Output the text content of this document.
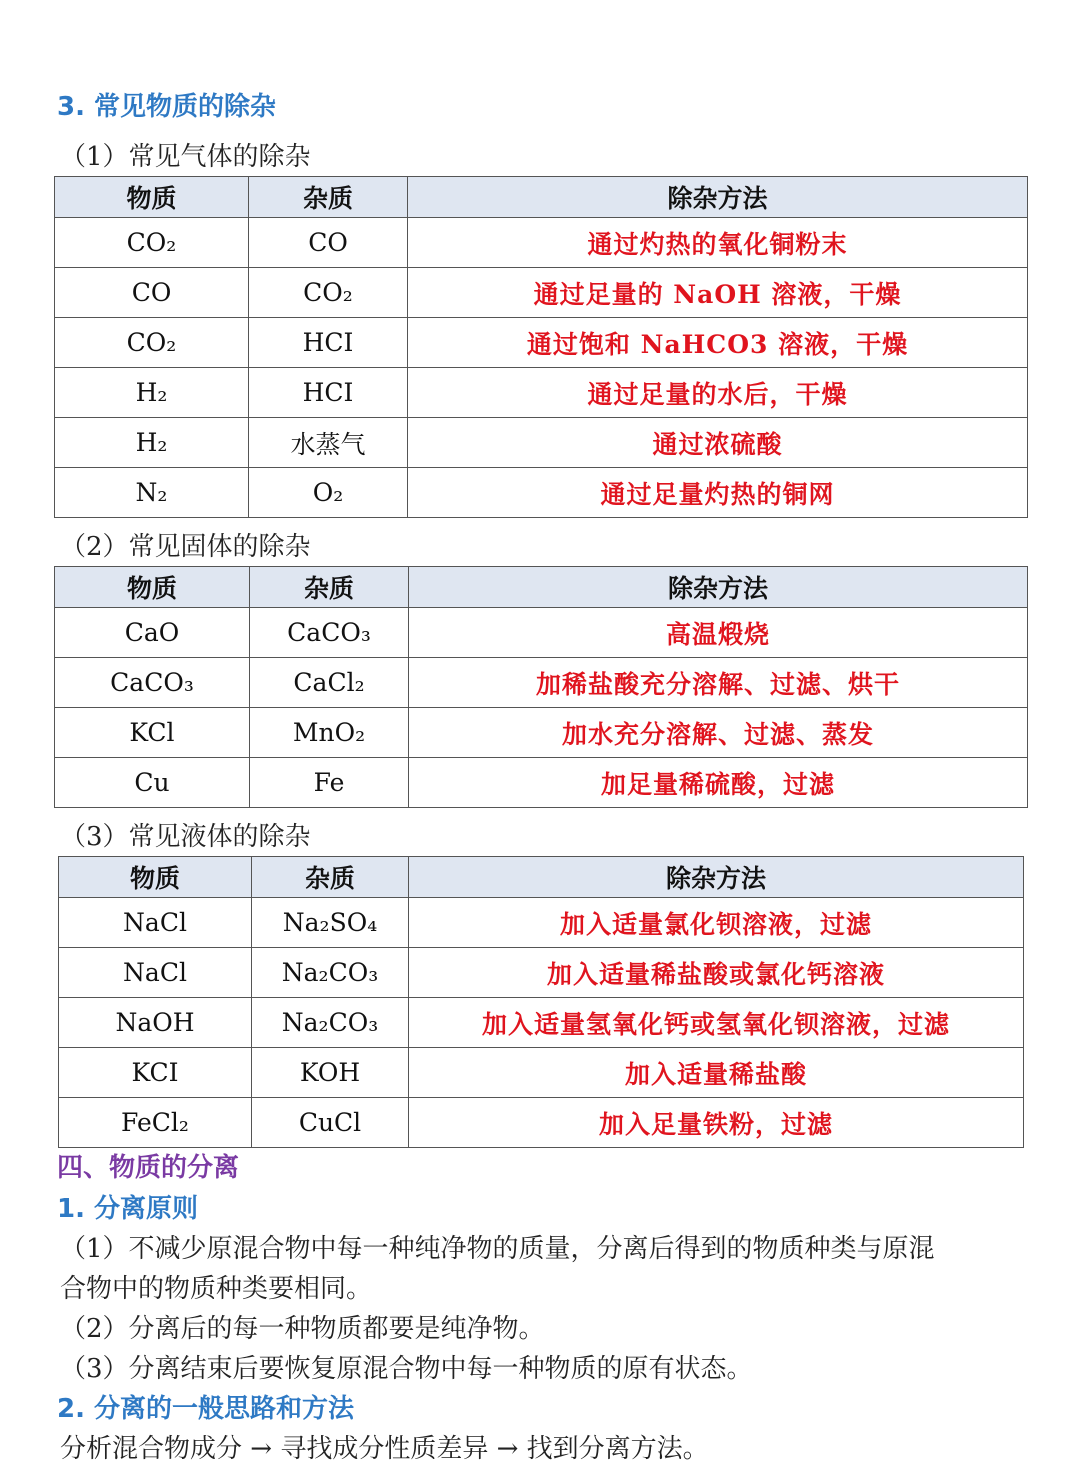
3. 常见物质的除杂
（1）常见气体的除杂
物质	杂质	除杂方法
CO₂	CO	通过灼热的氧化铜粉末
CO	CO₂	通过足量的 NaOH 溶液，干燥
CO₂	HCI	通过饱和 NaHCO3 溶液，干燥
H₂	HCI	通过足量的水后，干燥
H₂	水蒸气	通过浓硫酸
N₂	O₂	通过足量灼热的铜网
（2）常见固体的除杂
物质	杂质	除杂方法
CaO	CaCO₃	高温煅烧
CaCO₃	CaCl₂	加稀盐酸充分溶解、过滤、烘干
KCl	MnO₂	加水充分溶解、过滤、蒸发
Cu	Fe	加足量稀硫酸，过滤
（3）常见液体的除杂
物质	杂质	除杂方法
NaCl	Na₂SO₄	加入适量氯化钡溶液，过滤
NaCl	Na₂CO₃	加入适量稀盐酸或氯化钙溶液
NaOH	Na₂CO₃	加入适量氢氧化钙或氢氧化钡溶液，过滤
KCI	KOH	加入适量稀盐酸
FeCl₂	CuCl	加入足量铁粉，过滤
四、物质的分离
1. 分离原则
（1）不减少原混合物中每一种纯净物的质量，分离后得到的物质种类与原混
合物中的物质种类要相同。
（2）分离后的每一种物质都要是纯净物。
（3）分离结束后要恢复原混合物中每一种物质的原有状态。
2. 分离的一般思路和方法
分析混合物成分 → 寻找成分性质差异 → 找到分离方法。
